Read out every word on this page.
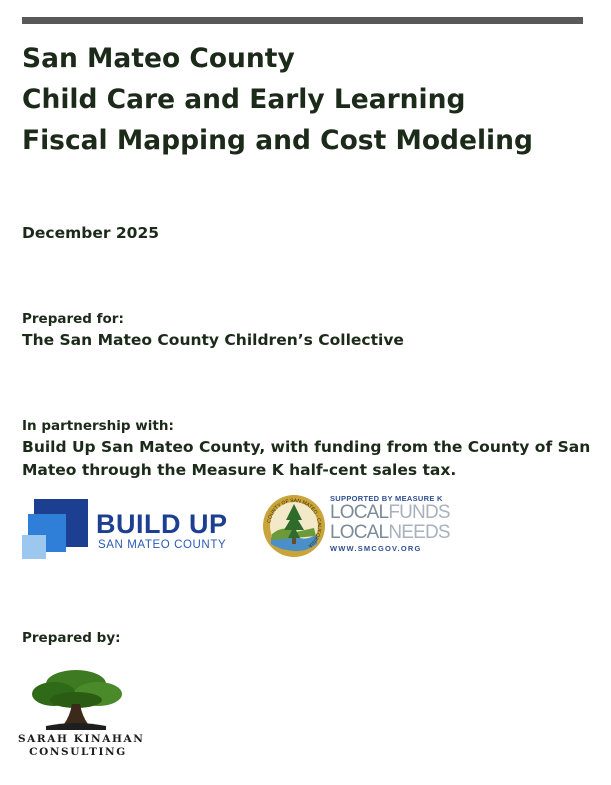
San Mateo County
Child Care and Early Learning
Fiscal Mapping and Cost Modeling
December 2025
Prepared for:
The San Mateo County Children’s Collective
In partnership with:
Build Up San Mateo County, with funding from the County of San
Mateo through the Measure K half-cent sales tax.
BUILD UP
SAN MATEO COUNTY
COUNTY OF SAN MATEO · CALIFORNIA
SUPPORTED BY MEASURE K
LOCALFUNDS
LOCALNEEDS
WWW.SMCGOV.ORG
Prepared by:
SARAH KINAHAN
CONSULTING
